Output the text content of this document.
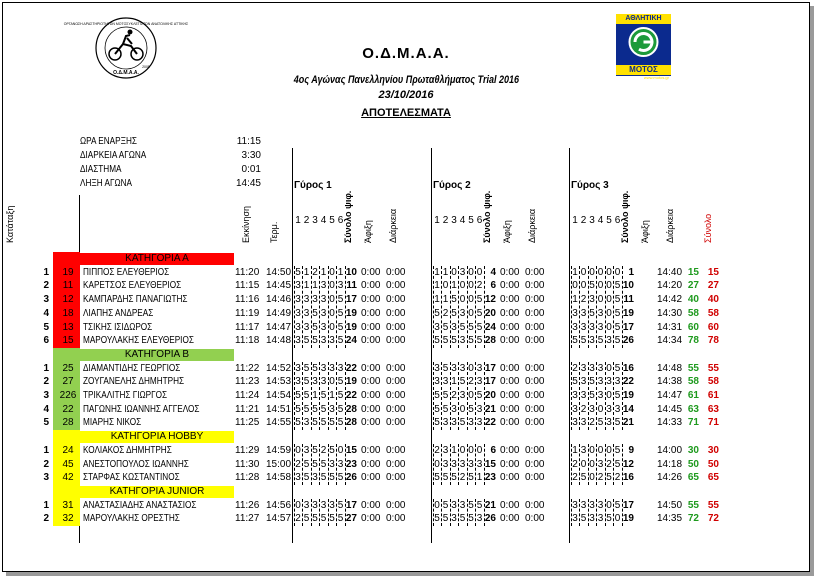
ΟΡΓΑΝΩΣΗ ΔΡΑΣΤΗΡΙΟΤΗΤΩΝ ΜΟΤΟΣΥΚΛΕΤΙΣΤΩΝ ΑΝΑΤΟΛΙΚΗΣ ΑΤΤΙΚΗΣ
Ο.Δ.Μ.Α.Α.
2005
ΑΘΛΗΤΙΚΗ
ΜΟΤΟΣ
www.motos.gr
Ο.Δ.Μ.Α.Α.
4ος Αγώνας Πανελληνίου Πρωταθλήματος Trial 2016
23/10/2016
ΑΠΟΤΕΛΕΣΜΑΤΑ
ΩΡΑ ΕΝΑΡΞΗΣ	11:15
ΔΙΑΡΚΕΙΑ ΑΓΩΝΑ	3:30
ΔΙΑΣΤΗΜΑ	0:01
ΛΗΞΗ ΑΓΩΝΑ	14:45
Κατάταξη	Εκκίνηση Τερμ.
Γύρος 1
1 2 3 4 5 6 Σύνολο ψιφ. Άφιξη Διάρκεια
Γύρος 2
1 2 3 4 5 6 Σύνολο ψιφ. Άφιξη Διάρκεια
Γύρος 3
1 2 3 4 5 6 Σύνολο ψιφ. Άφιξη Διάρκεια	Σύνολο
ΚΑΤΗΓΟΡΙΑ Α
1	19 ΠΙΠΠΟΣ ΕΛΕΥΘΕΡΙΟΣ	11:20 14:50 5 1 2 1 0 1 10 0:00 0:00	1 1 0 3 0 0 4 0:00 0:00	1 0 0 0 0 0 1 14:40 15 15
2	11 ΚΑΡΕΤΣΟΣ ΕΛΕΥΘΕΡΙΟΣ	11:15 14:45 3 1 1 3 0 3 11 0:00 0:00	1 0 1 0 0 2 6 0:00 0:00	0 0 5 0 0 5 10 14:20 27 27
3	12 ΚΑΜΠΑΡΔΗΣ ΠΑΝΑΓΙΩΤΗΣ	11:16 14:46 3 3 3 3 0 5 17 0:00 0:00	1 1 5 0 0 5 12 0:00 0:00	1 2 3 0 0 5 11 14:42 40 40
4	18 ΛΙΑΠΗΣ ΑΝΔΡΕΑΣ	11:19 14:49 3 3 5 3 0 5 19 0:00 0:00	5 2 5 3 0 5 20 0:00 0:00	3 3 5 3 0 5 19 14:30 58 58
5	13 ΤΣΙΚΗΣ ΙΣΙΔΩΡΟΣ	11:17 14:47 3 3 5 3 0 5 19 0:00 0:00	3 5 3 5 5 5 24 0:00 0:00	3 3 3 3 0 5 17 14:31 60 60
6	15 ΜΑΡΟΥΛΑΚΗΣ ΕΛΕΥΘΕΡΙΟΣ	11:18 14:48 3 5 5 3 3 5 24 0:00 0:00	5 5 5 3 5 5 28 0:00 0:00	5 5 3 5 3 5 26 14:34 78 78
ΚΑΤΗΓΟΡΙΑ Β
1	25 ΔΙΑΜΑΝΤΙΔΗΣ ΓΕΩΡΓΙΟΣ	11:22 14:52 3 5 5 3 3 3 22 0:00 0:00	3 5 3 3 0 3 17 0:00 0:00	2 3 3 3 0 5 16 14:48 55 55
2	27 ΖΟΥΓΑΝΕΛΗΣ ΔΗΜΗΤΡΗΣ	11:23 14:53 3 5 3 3 0 5 19 0:00 0:00	3 3 1 5 2 3 17 0:00 0:00	5 3 5 3 3 3 22 14:38 58 58
3 226 ΤΡΙΚΑΛΙΤΗΣ ΓΙΩΡΓΟΣ	11:24 14:54 5 5 1 5 1 5 22 0:00 0:00	5 5 2 3 0 5 20 0:00 0:00	3 3 5 3 0 5 19 14:47 61 61
4	22 ΠΑΓΩΝΗΣ ΙΩΑΝΝΗΣ ΑΓΓΕΛΟΣ	11:21 14:51 5 5 5 5 3 5 28 0:00 0:00	5 5 3 0 5 3 21 0:00 0:00	3 2 3 0 3 3 14 14:45 63 63
5	28 ΜΙΑΡΗΣ ΝΙΚΟΣ	11:25 14:55 5 3 5 5 5 5 28 0:00 0:00	5 3 3 5 3 3 22 0:00 0:00	3 3 2 5 3 5 21 14:33 71 71
ΚΑΤΗΓΟΡΙΑ HOBBY
1	24 ΚΟΛΙΑΚΟΣ ΔΗΜΗΤΡΗΣ	11:29 14:59 0 3 5 2 5 0 15 0:00 0:00	2 3 1 0 0 0 6 0:00 0:00	1 3 0 0 0 5 9 14:00 30 30
2	45 ΑΝΕΣΤΟΠΟΥΛΟΣ ΙΩΑΝΝΗΣ	11:30 15:00 2 5 5 5 3 3 23 0:00 0:00	0 3 3 3 3 3 15 0:00 0:00	2 0 0 3 2 5 12 14:18 50 50
3	42 ΣΤΑΡΦΑΣ ΚΩΣΤΑΝΤΙΝΟΣ	11:28 14:58 3 5 3 5 5 5 26 0:00 0:00	5 5 5 2 5 1 23 0:00 0:00	2 5 0 2 5 2 16 14:26 65 65
ΚΑΤΗΓΟΡΙΑ JUNIOR
1	31 ΑΝΑΣΤΑΣΙΑΔΗΣ ΑΝΑΣΤΑΣΙΟΣ	11:26 14:56 0 3 3 3 3 5 17 0:00 0:00	0 5 3 3 5 5 21 0:00 0:00	3 3 3 3 0 5 17 14:50 55 55
2	32 ΜΑΡΟΥΛΑΚΗΣ ΟΡΕΣΤΗΣ	11:27 14:57 2 5 5 5 5 5 27 0:00 0:00	5 5 3 5 5 3 26 0:00 0:00	3 5 3 3 5 0 19 14:35 72 72
